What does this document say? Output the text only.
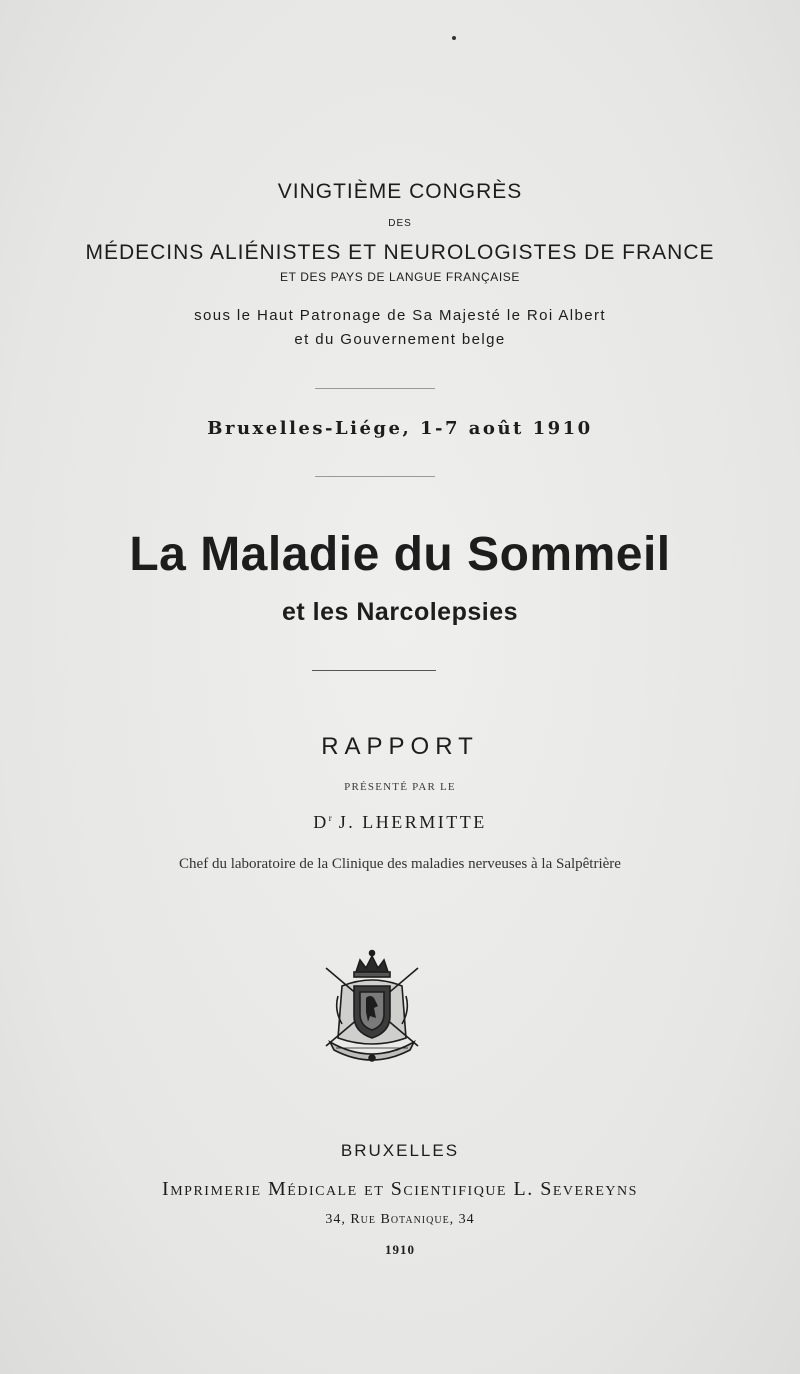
VINGTIÈME CONGRÈS
DES
MÉDECINS ALIÉNISTES ET NEUROLOGISTES DE FRANCE
ET DES PAYS DE LANGUE FRANÇAISE
sous le Haut Patronage de Sa Majesté le Roi Albert
et du Gouvernement belge
Bruxelles-Liége, 1-7 août 1910
La Maladie du Sommeil
et les Narcolepsies
RAPPORT
PRÉSENTÉ PAR LE
$D^r$ J. LHERMITTE
Chef du laboratoire de la Clinique des maladies nerveuses à la Salpêtrière
BRUXELLES
Imprimerie Médicale et Scientifique L. Severeyns
34, Rue Botanique, 34
1910
